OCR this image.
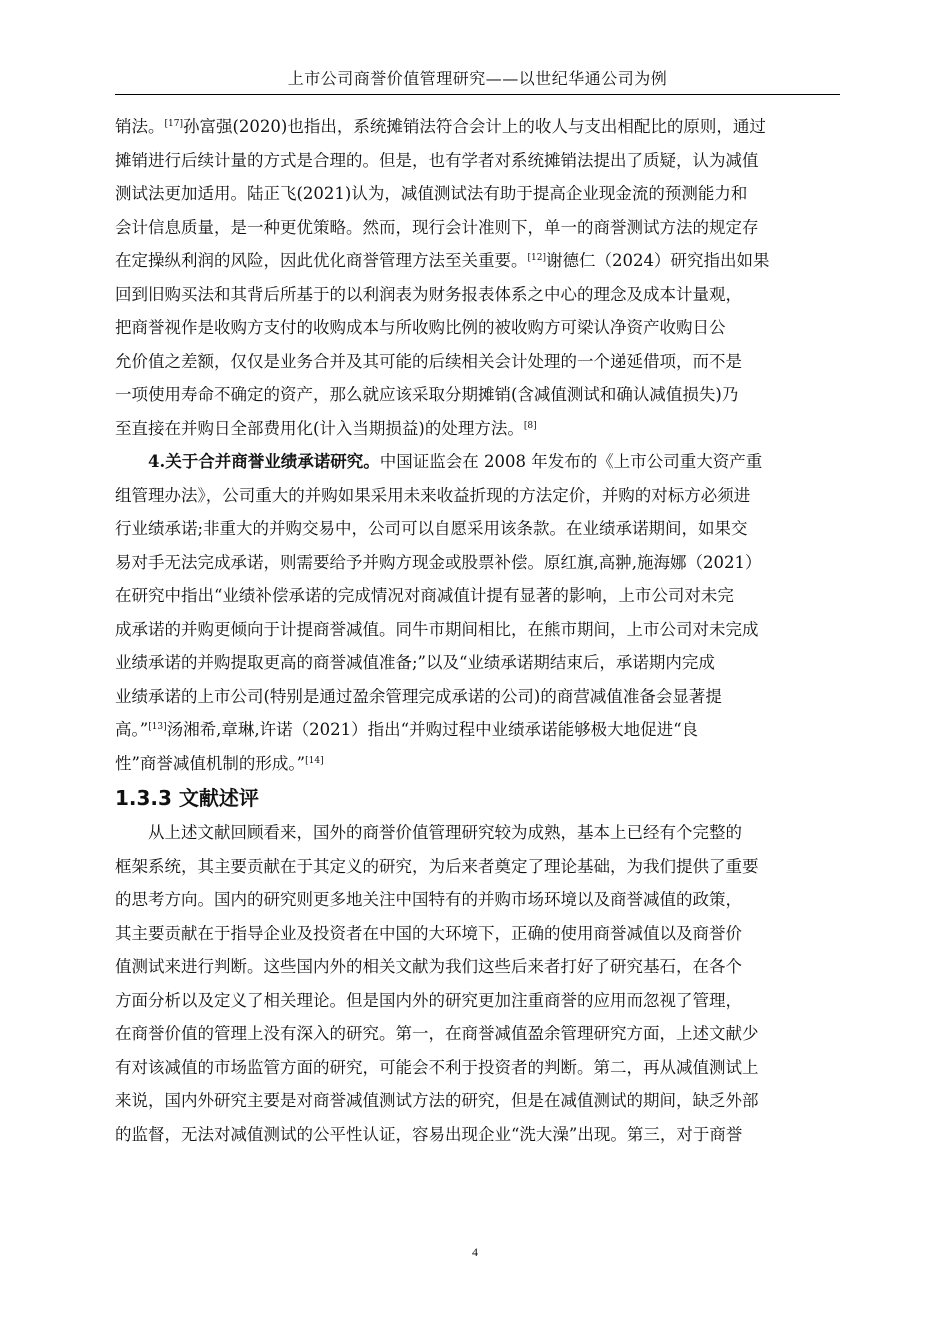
上市公司商誉价值管理研究——以世纪华通公司为例
销法。[17]孙富强(2020)也指出，系统摊销法符合会计上的收人与支出相配比的原则，通过
摊销进行后续计量的方式是合理的。但是，也有学者对系统摊销法提出了质疑，认为减值
测试法更加适用。陆正飞(2021)认为，减值测试法有助于提高企业现金流的预测能力和
会计信息质量，是一种更优策略。然而，现行会计准则下，单一的商誉测试方法的规定存
在定操纵利润的风险，因此优化商誉管理方法至关重要。[12]谢德仁（2024）研究指出如果
回到旧购买法和其背后所基于的以利润表为财务报表体系之中心的理念及成本计量观，
把商誉视作是收购方支付的收购成本与所收购比例的被收购方可梁认净资产收购日公
允价值之差额，仅仅是业务合并及其可能的后续相关会计处理的一个递延借项，而不是
一项使用寿命不确定的资产，那么就应该采取分期摊销(含减值测试和确认减值损失)乃
至直接在并购日全部费用化(计入当期损益)的处理方法。[8]
4.关于合并商誉业绩承诺研究。中国证监会在 2008 年发布的《上市公司重大资产重
组管理办法》，公司重大的并购如果采用未来收益折现的方法定价，并购的对标方必须进
行业绩承诺;非重大的并购交易中，公司可以自愿采用该条款。在业绩承诺期间，如果交
易对手无法完成承诺，则需要给予并购方现金或股票补偿。原红旗,高翀,施海娜（2021）
在研究中指出“业绩补偿承诺的完成情况对商减值计提有显著的影响，上市公司对未完
成承诺的并购更倾向于计提商誉减值。同牛市期间相比，在熊市期间，上市公司对未完成
业绩承诺的并购提取更高的商誉减值准备;”以及“业绩承诺期结束后，承诺期内完成
业绩承诺的上市公司(特别是通过盈余管理完成承诺的公司)的商营减值准备会显著提
高。”[13]汤湘希,章琳,许诺（2021）指出“并购过程中业绩承诺能够极大地促进“良
性”商誉减值机制的形成。”[14]
1.3.3 文献述评
从上述文献回顾看来，国外的商誉价值管理研究较为成熟，基本上已经有个完整的
框架系统，其主要贡献在于其定义的研究，为后来者奠定了理论基础，为我们提供了重要
的思考方向。国内的研究则更多地关注中国特有的并购市场环境以及商誉减值的政策，
其主要贡献在于指导企业及投资者在中国的大环境下，正确的使用商誉减值以及商誉价
值测试来进行判断。这些国内外的相关文献为我们这些后来者打好了研究基石，在各个
方面分析以及定义了相关理论。但是国内外的研究更加注重商誉的应用而忽视了管理，
在商誉价值的管理上没有深入的研究。第一，在商誉减值盈余管理研究方面，上述文献少
有对该减值的市场监管方面的研究，可能会不利于投资者的判断。第二，再从减值测试上
来说，国内外研究主要是对商誉减值测试方法的研究，但是在减值测试的期间，缺乏外部
的监督，无法对减值测试的公平性认证，容易出现企业“洗大澡”出现。第三，对于商誉
4
